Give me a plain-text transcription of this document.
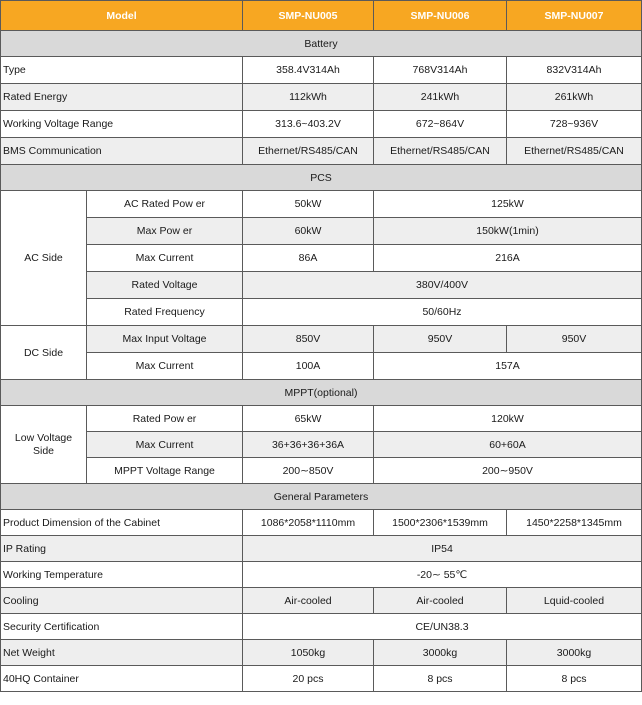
Model		SMP-NU005	SMP-NU006	SMP-NU007
Battery				
Type		358.4V314Ah	768V314Ah	832V314Ah
Rated Energy		112kWh	241kWh	261kWh
Working Voltage Range		313.6~403.2V	672~864V	728~936V
BMS Communication		Ethernet/RS485/CAN	Ethernet/RS485/CAN	Ethernet/RS485/CAN
PCS				
AC Side	AC Rated Pow er	50kW	125kW	
	Max Pow er	60kW	150kW(1min)	
	Max Current	86A	216A	
	Rated Voltage	380V/400V		
	Rated Frequency	50/60Hz		
DC Side	Max Input Voltage	850V	950V	950V
	Max Current	100A	157A	
MPPT(optional)				
Low Voltage Side	Rated Pow er	65kW	120kW	
	Max Current	36+36+36+36A	60+60A	
	MPPT Voltage Range	200∼850V	200∼950V	
General Parameters				
Product Dimension of the Cabinet		1086*2058*1110mm	1500*2306*1539mm	1450*2258*1345mm
IP Rating		IP54		
Working Temperature		-20∼ 55℃		
Cooling		Air-cooled	Air-cooled	Lquid-cooled
Security Certification		CE/UN38.3		
Net Weight		1050kg	3000kg	3000kg
40HQ Container		20 pcs	8 pcs	8 pcs
